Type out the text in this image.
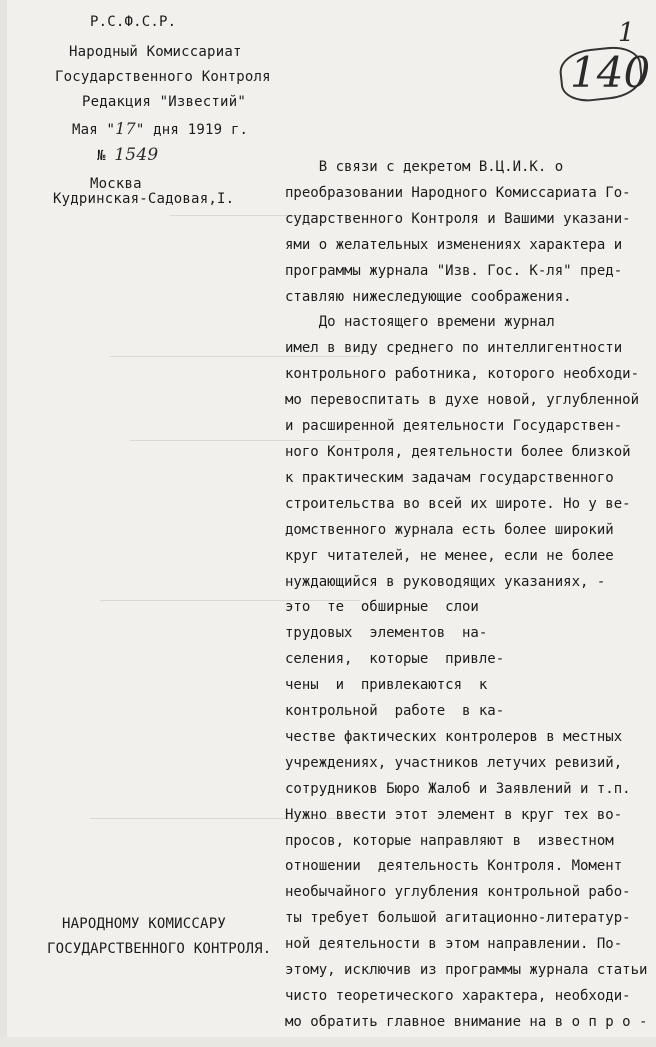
Р.С.Ф.С.Р.
Народный Комиссариат
Государственного Контроля
Редакция "Известий"
Мая "17" дня 1919 г.
№ 1549
Москва
Кудринская-Садовая,I.
140
1
НАРОДНОМУ КОМИССАРУ
ГОСУДАРСТВЕННОГО КОНТРОЛЯ.
В связи с декретом В.Ц.И.К. о
преобразовании Народного Комиссариата Го-
сударственного Контроля и Вашими указани-
ями о желательных изменениях характера и
программы журнала "Изв. Гос. К-ля" пред-
ставляю нижеследующие соображения.
До настоящего времени журнал
имел в виду среднего по интеллигентности
контрольного работника, которого необходи-
мо перевоспитать в духе новой, углубленной
и расширенной деятельности Государствен-
ного Контроля, деятельности более близкой
к практическим задачам государственного
строительства во всей их широте. Но у ве-
домственного журнала есть более широкий
круг читателей, не менее, если не более
нуждающийся в руководящих указаниях, -
это  те  обширные  слои
трудовых  элементов  на-
селения,  которые  привле-
чены  и  привлекаются  к
контрольной  работе  в ка-
честве фактических контролеров в местных
учреждениях, участников летучих ревизий,
сотрудников Бюро Жалоб и Заявлений и т.п.
Нужно ввести этот элемент в круг тех во-
просов, которые направляют в  известном
отношении  деятельность Контроля. Момент
необычайного углубления контрольной рабо-
ты требует большой агитационно-литератур-
ной деятельности в этом направлении. По-
этому, исключив из программы журнала статьи
чисто теоретического характера, необходи-
мо обратить главное внимание на в о п р о -
